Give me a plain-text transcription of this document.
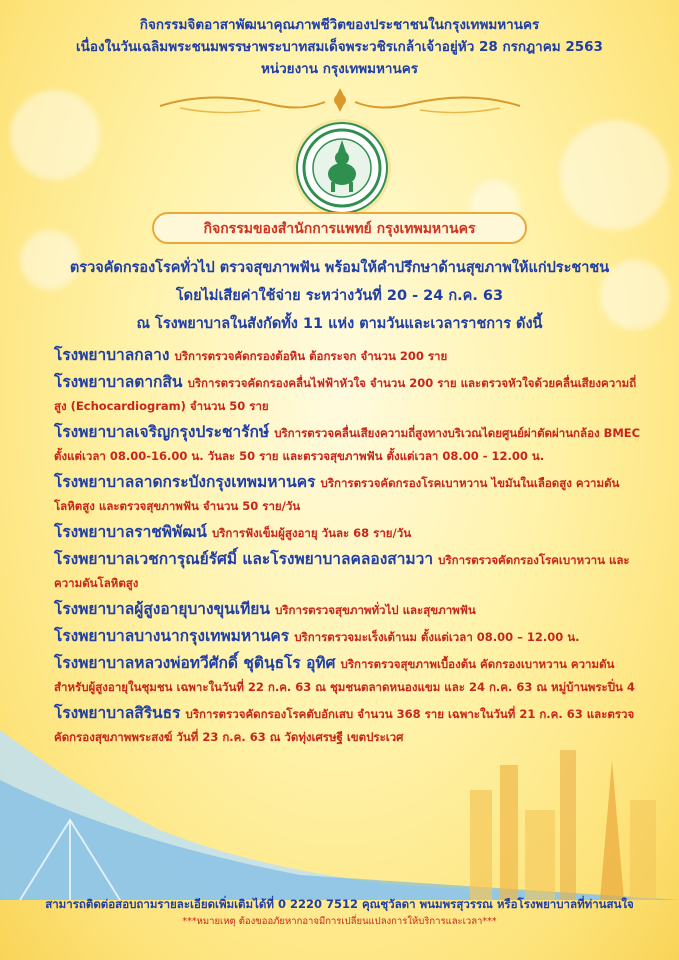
กิจกรรมจิตอาสาพัฒนาคุณภาพชีวิตของประชาชนในกรุงเทพมหานคร
เนื่องในวันเฉลิมพระชนมพรรษาพระบาทสมเด็จพระวชิรเกล้าเจ้าอยู่หัว 28 กรกฎาคม 2563
หน่วยงาน กรุงเทพมหานคร
กิจกรรมของสำนักการแพทย์ กรุงเทพมหานคร
ตรวจคัดกรองโรคทั่วไป ตรวจสุขภาพฟัน พร้อมให้คำปรึกษาด้านสุขภาพให้แก่ประชาชน
โดยไม่เสียค่าใช้จ่าย ระหว่างวันที่ 20 - 24 ก.ค. 63
ณ โรงพยาบาลในสังกัดทั้ง 11 แห่ง ตามวันและเวลาราชการ ดังนี้
โรงพยาบาลกลาง บริการตรวจคัดกรองต้อหิน ต้อกระจก จำนวน 200 ราย
โรงพยาบาลตากสิน บริการตรวจคัดกรองคลื่นไฟฟ้าหัวใจ จำนวน 200 ราย และตรวจหัวใจด้วยคลื่นเสียงความถี่สูง (Echocardiogram) จำนวน 50 ราย
โรงพยาบาลเจริญกรุงประชารักษ์ บริการตรวจคลื่นเสียงความถี่สูงทางบริเวณไดยศูนย์ผ่าตัดผ่านกล้อง BMEC ตั้งแต่เวลา 08.00-16.00 น. วันละ 50 ราย และตรวจสุขภาพฟัน ตั้งแต่เวลา 08.00 - 12.00 น.
โรงพยาบาลลาดกระบังกรุงเทพมหานคร บริการตรวจคัดกรองโรคเบาหวาน ไขมันในเลือดสูง ความดันโลหิตสูง และตรวจสุขภาพฟัน จำนวน 50 ราย/วัน
โรงพยาบาลราชพิพัฒน์ บริการฟังเข็มผู้สูงอายุ วันละ 68 ราย/วัน
โรงพยาบาลเวชการุณย์รัศมิ์ และโรงพยาบาลคลองสามวา บริการตรวจคัดกรองโรคเบาหวาน และความดันโลหิตสูง
โรงพยาบาลผู้สูงอายุบางขุนเทียน บริการตรวจสุขภาพทั่วไป และสุขภาพฟัน
โรงพยาบาลบางนากรุงเทพมหานคร บริการตรวจมะเร็งเต้านม ตั้งแต่เวลา 08.00 – 12.00 น.
โรงพยาบาลหลวงพ่อทวีศักดิ์ ชุตินฺธโร อุทิศ บริการตรวจสุขภาพเบื้องต้น คัดกรองเบาหวาน ความดัน สำหรับผู้สูงอายุในชุมชน เฉพาะในวันที่ 22 ก.ค. 63 ณ ชุมชนตลาดหนองแขม และ 24 ก.ค. 63 ณ หมู่บ้านพระปิ่น 4
โรงพยาบาลสิรินธร บริการตรวจคัดกรองโรคตับอักเสบ จำนวน 368 ราย เฉพาะในวันที่ 21 ก.ค. 63 และตรวจคัดกรองสุขภาพพระสงฆ์ วันที่ 23 ก.ค. 63 ณ วัดทุ่งเศรษฐี เขตประเวศ
สามารถติดต่อสอบถามรายละเอียดเพิ่มเติมได้ที่ 0 2220 7512 คุณชุวัลดา พนมพรสุวรรณ หรือโรงพยาบาลที่ท่านสนใจ
***หมายเหตุ ต้องขออภัยหากอาจมีการเปลี่ยนแปลงการให้บริการและเวลา***
